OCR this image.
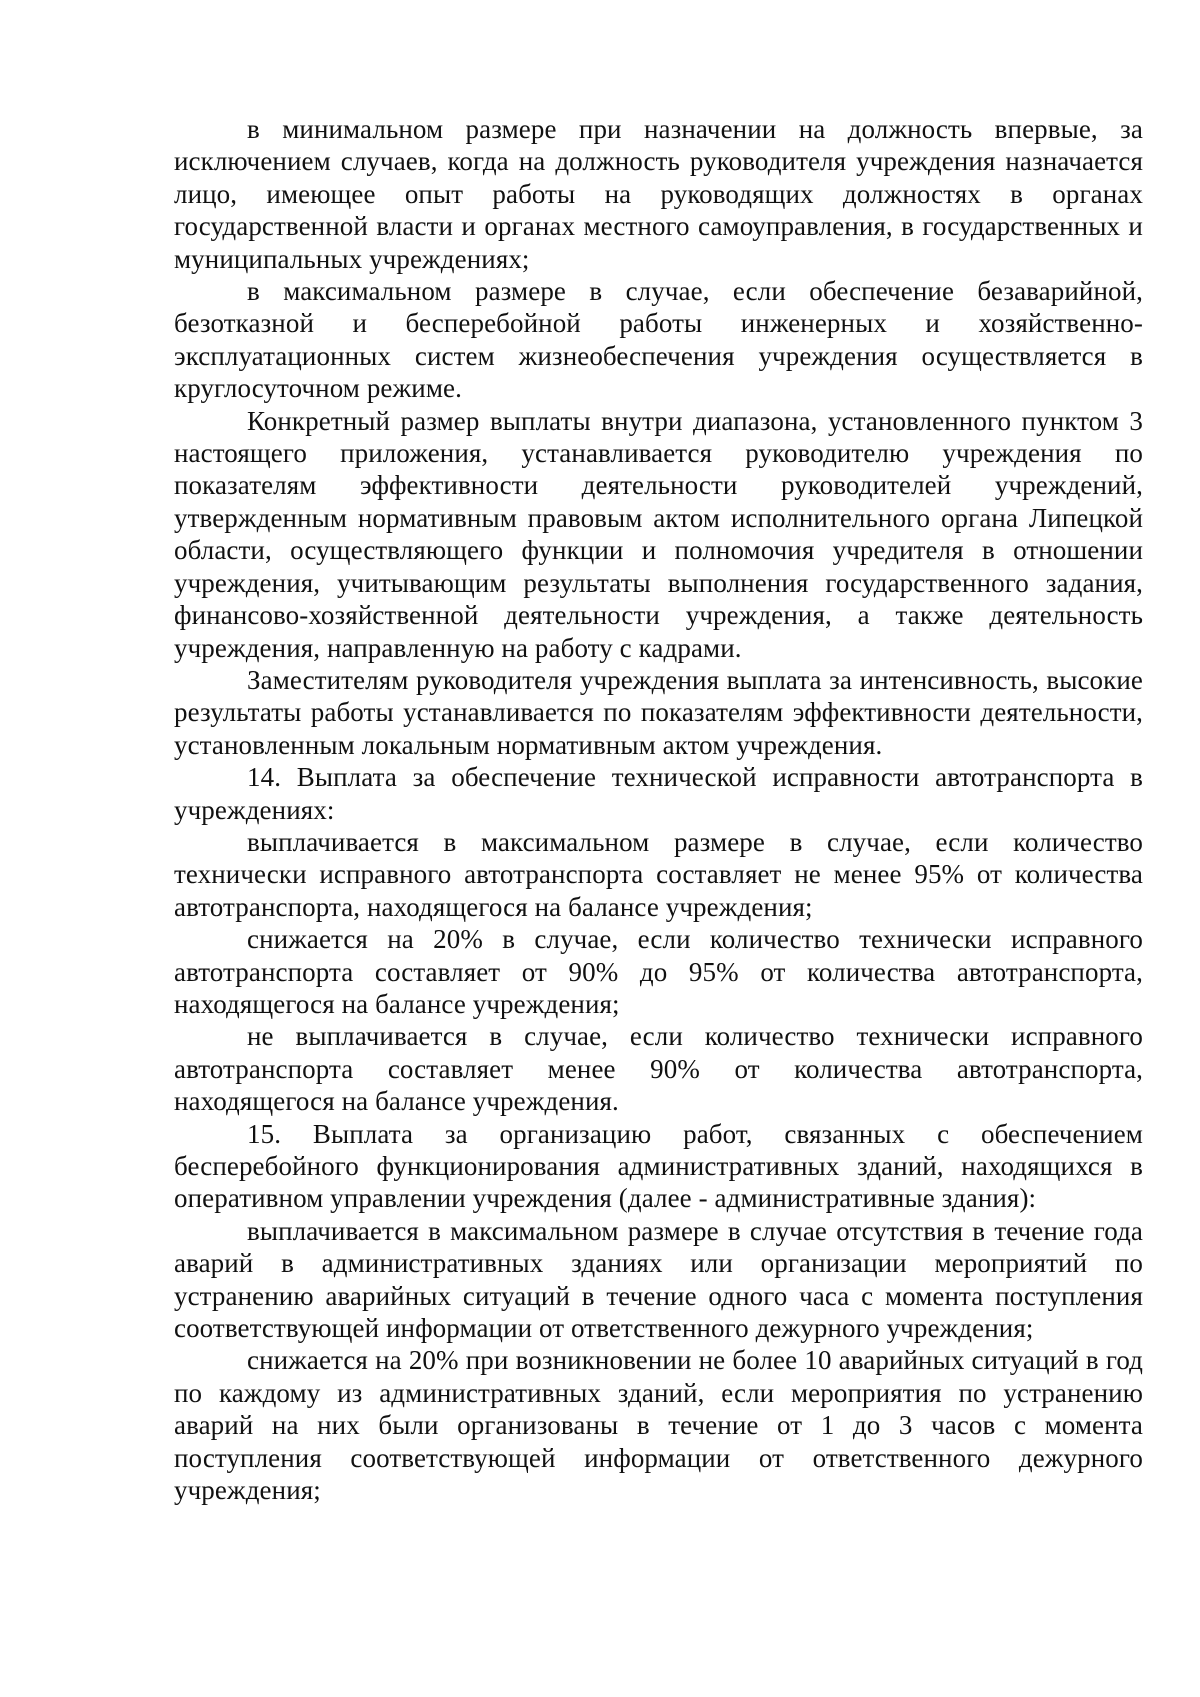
в минимальном размере при назначении на должность впервые, за исключением случаев, когда на должность руководителя учреждения назначается лицо, имеющее опыт работы на руководящих должностях в органах государственной власти и органах местного самоуправления, в государственных и муниципальных учреждениях;

в максимальном размере в случае, если обеспечение безаварийной, безотказной и бесперебойной работы инженерных и хозяйственно-эксплуатационных систем жизнеобеспечения учреждения осуществляется в круглосуточном режиме.

Конкретный размер выплаты внутри диапазона, установленного пунктом 3 настоящего приложения, устанавливается руководителю учреждения по показателям эффективности деятельности руководителей учреждений, утвержденным нормативным правовым актом исполнительного органа Липецкой области, осуществляющего функции и полномочия учредителя в отношении учреждения, учитывающим результаты выполнения государственного задания, финансово-хозяйственной деятельности учреждения, а также деятельность учреждения, направленную на работу с кадрами.

Заместителям руководителя учреждения выплата за интенсивность, высокие результаты работы устанавливается по показателям эффективности деятельности, установленным локальным нормативным актом учреждения.

14. Выплата за обеспечение технической исправности автотранспорта в учреждениях:

выплачивается в максимальном размере в случае, если количество технически исправного автотранспорта составляет не менее 95% от количества автотранспорта, находящегося на балансе учреждения;

снижается на 20% в случае, если количество технически исправного автотранспорта составляет от 90% до 95% от количества автотранспорта, находящегося на балансе учреждения;

не выплачивается в случае, если количество технически исправного автотранспорта составляет менее 90% от количества автотранспорта, находящегося на балансе учреждения.

15. Выплата за организацию работ, связанных с обеспечением бесперебойного функционирования административных зданий, находящихся в оперативном управлении учреждения (далее - административные здания):

выплачивается в максимальном размере в случае отсутствия в течение года аварий в административных зданиях или организации мероприятий по устранению аварийных ситуаций в течение одного часа с момента поступления соответствующей информации от ответственного дежурного учреждения;

снижается на 20% при возникновении не более 10 аварийных ситуаций в год по каждому из административных зданий, если мероприятия по устранению аварий на них были организованы в течение от 1 до 3 часов с момента поступления соответствующей информации от ответственного дежурного учреждения;
